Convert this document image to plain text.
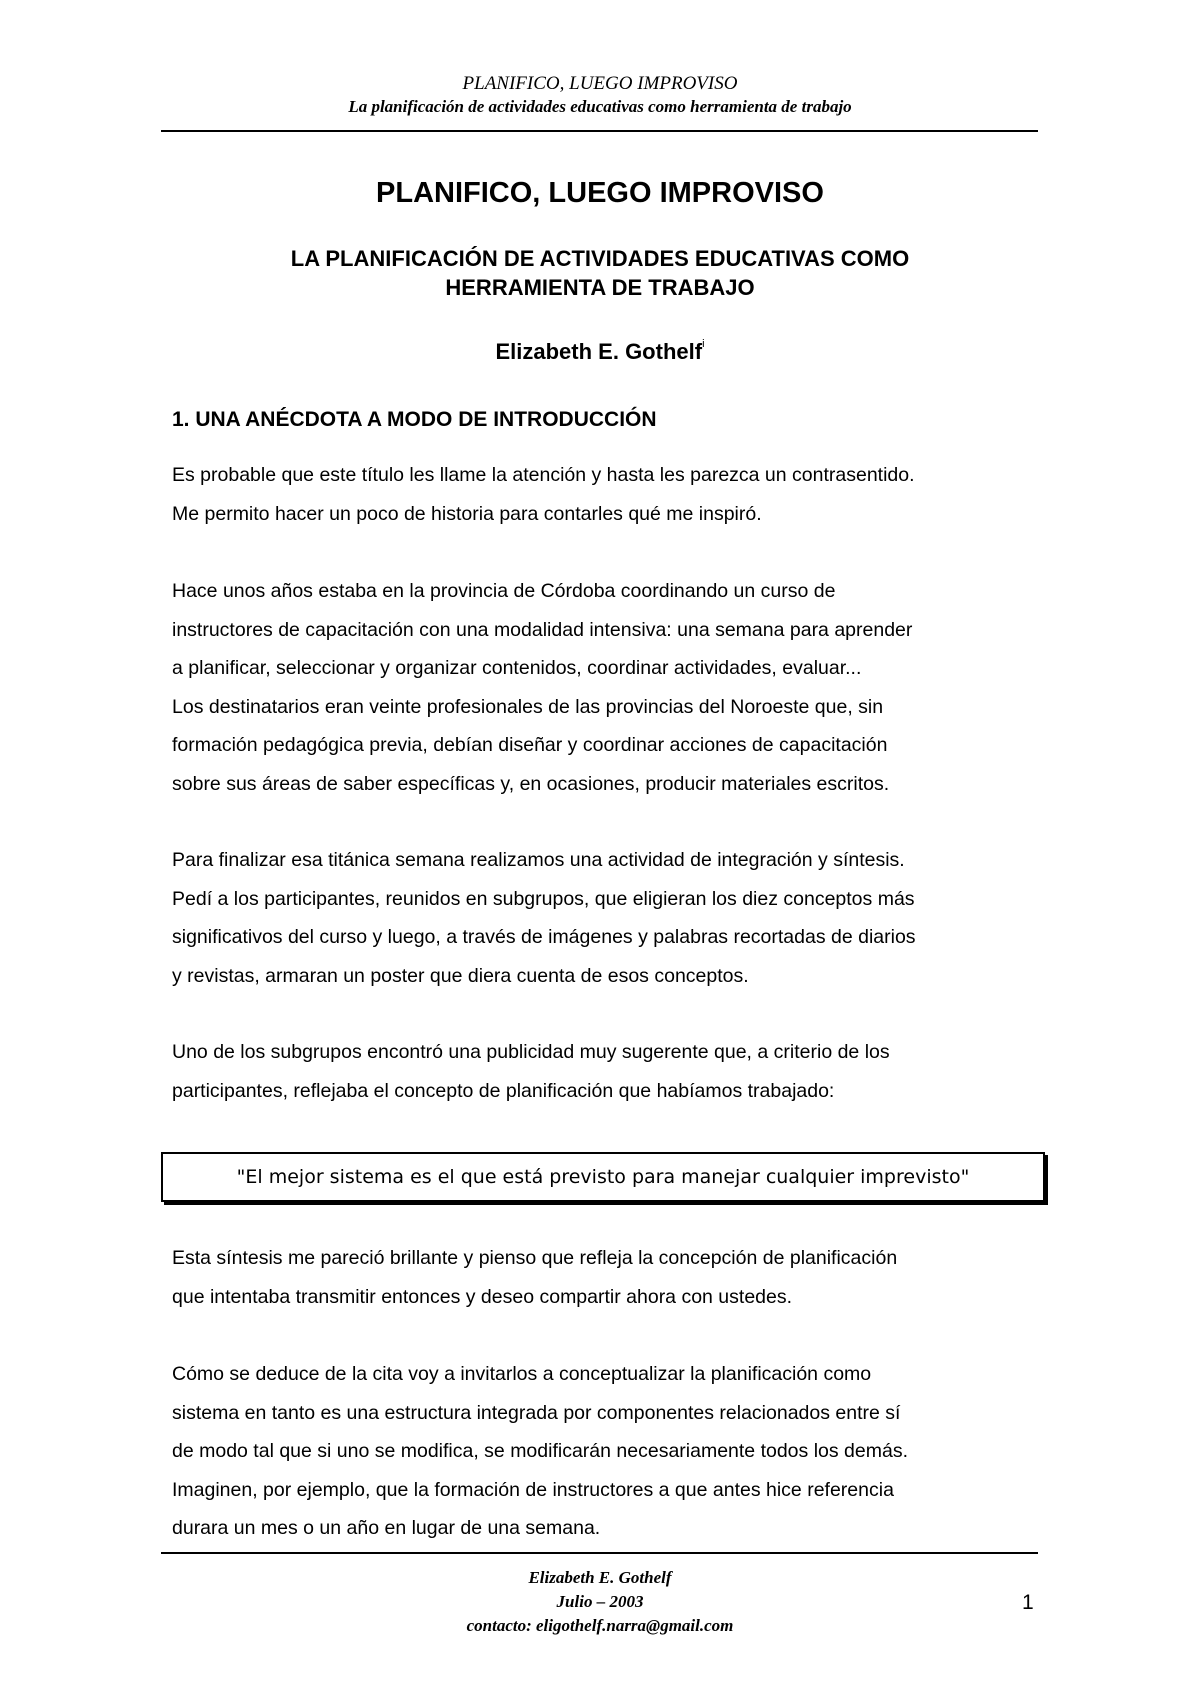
PLANIFICO, LUEGO IMPROVISO
La planificación de actividades educativas como herramienta de trabajo
PLANIFICO, LUEGO IMPROVISO
LA PLANIFICACIÓN DE ACTIVIDADES EDUCATIVAS COMO
HERRAMIENTA DE TRABAJO
Elizabeth E. Gothelf$^i$
1. UNA ANÉCDOTA A MODO DE INTRODUCCIÓN

Es probable que este título les llame la atención y hasta les parezca un contrasentido.
Me permito hacer un poco de historia para contarles qué me inspiró.

Hace unos años estaba en la provincia de Córdoba coordinando un curso de
instructores de capacitación con una modalidad intensiva: una semana para aprender
a planificar, seleccionar y organizar contenidos, coordinar actividades, evaluar...
Los destinatarios eran veinte profesionales de las provincias del Noroeste que, sin
formación pedagógica previa, debían diseñar y coordinar acciones de capacitación
sobre sus áreas de saber específicas y, en ocasiones, producir materiales escritos.

Para finalizar esa titánica semana realizamos una actividad de integración y síntesis.
Pedí a los participantes, reunidos en subgrupos, que eligieran los diez conceptos más
significativos del curso y luego, a través de imágenes y palabras recortadas de diarios
y revistas, armaran un poster que diera cuenta de esos conceptos.

Uno de los subgrupos encontró una publicidad muy sugerente que, a criterio de los
participantes, reflejaba el concepto de planificación que habíamos trabajado:

"El mejor sistema es el que está previsto para manejar cualquier imprevisto"

Esta síntesis me pareció brillante y pienso que refleja la concepción de planificación
que intentaba transmitir entonces y deseo compartir ahora con ustedes.

Cómo se deduce de la cita voy a invitarlos a conceptualizar la planificación como
sistema en tanto es una estructura integrada por componentes relacionados entre sí
de modo tal que si uno se modifica, se modificarán necesariamente todos los demás.
Imaginen, por ejemplo, que la formación de instructores a que antes hice referencia
durara un mes o un año en lugar de una semana.

Elizabeth E. Gothelf
Julio – 2003
contacto: eligothelf.narra@gmail.com
1
